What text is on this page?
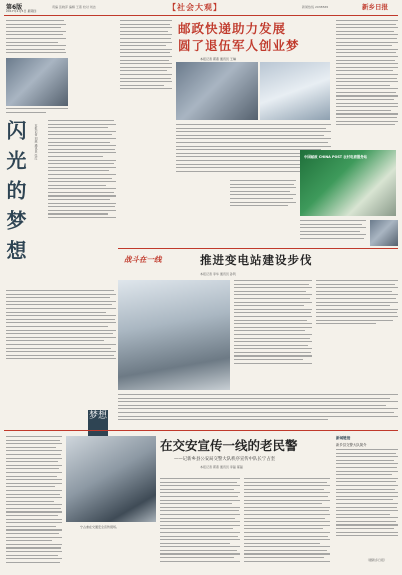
第6版
2017年1月5日 星期四
责编 张晓萍 编辑 王燕 校对 刘洁	【社会大观】	新闻热线 2038565	新乡日报
闪光的梦想	本报记者 刘燕 通讯员 张红
梦想
邮政快递助力发展
圆了退伍军人创业梦
本报记者 郭燕 通讯员 王琳
中国邮政 CHINA POST 农村电商服务站
战斗在一线	推进变电站建设步伐
本报记者 李华 通讯员 孙利
宁占奎在交通安全宣传现场。
在交安宣传一线的老民警
——记新乡县公安局交警大队秩序宣传中队长宁占奎
本报记者 郭燕 通讯员 李磊 郝磊
新闻链接
新乡县交警大队简介
（据新乡日报）
